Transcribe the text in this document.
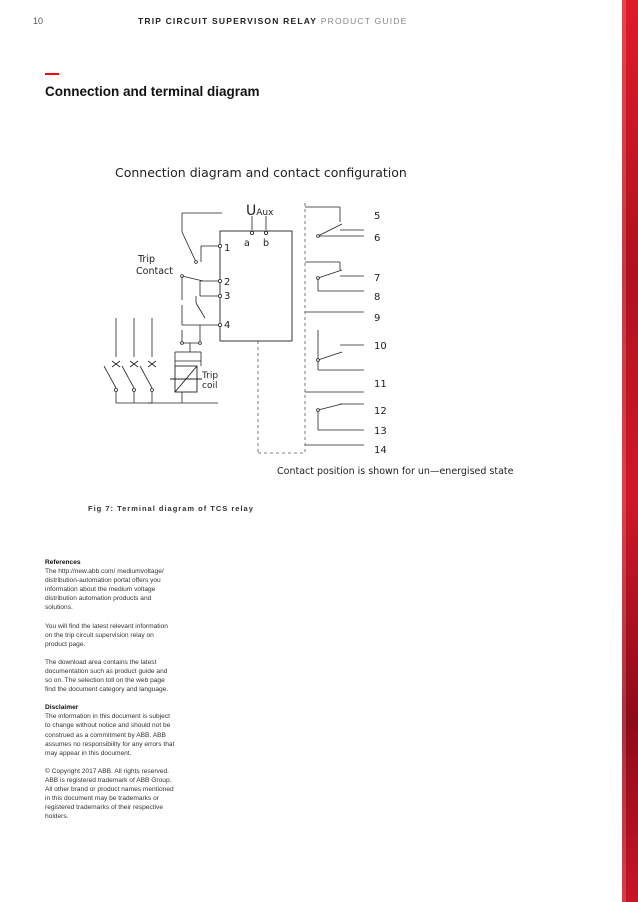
10	TRIP CIRCUIT SUPERVISON RELAY PRODUCT GUIDE
Connection and terminal diagram
Connection diagram and contact configuration
UAux
a b
Trip
Contact
Trip
coil
1
2
3
4
5
6
7
8
9
10
11
12
13
14
Contact position is shown for un—energised state
Fig 7: Terminal diagram of TCS relay
References

The http://new.abb.com/ mediumvoltage/ distribution-automation portal offers you information about the medium voltage distribution automation products and solutions.

You will find the latest relevant information on the trip circuit supervision relay on product page.

The download area contains the latest documentation such as product guide and so on. The selection toll on the web page find the document category and language.

Disclaimer

The information in this document is subject to change without notice and should not be construed as a commitment by ABB. ABB assumes no responsibility for any errors that may appear in this document.

© Copyright 2017 ABB. All rights reserved. ABB is registered trademark of ABB Group. All other brand or product names mentioned in this document may be trademarks or registered trademarks of their respective holders.
